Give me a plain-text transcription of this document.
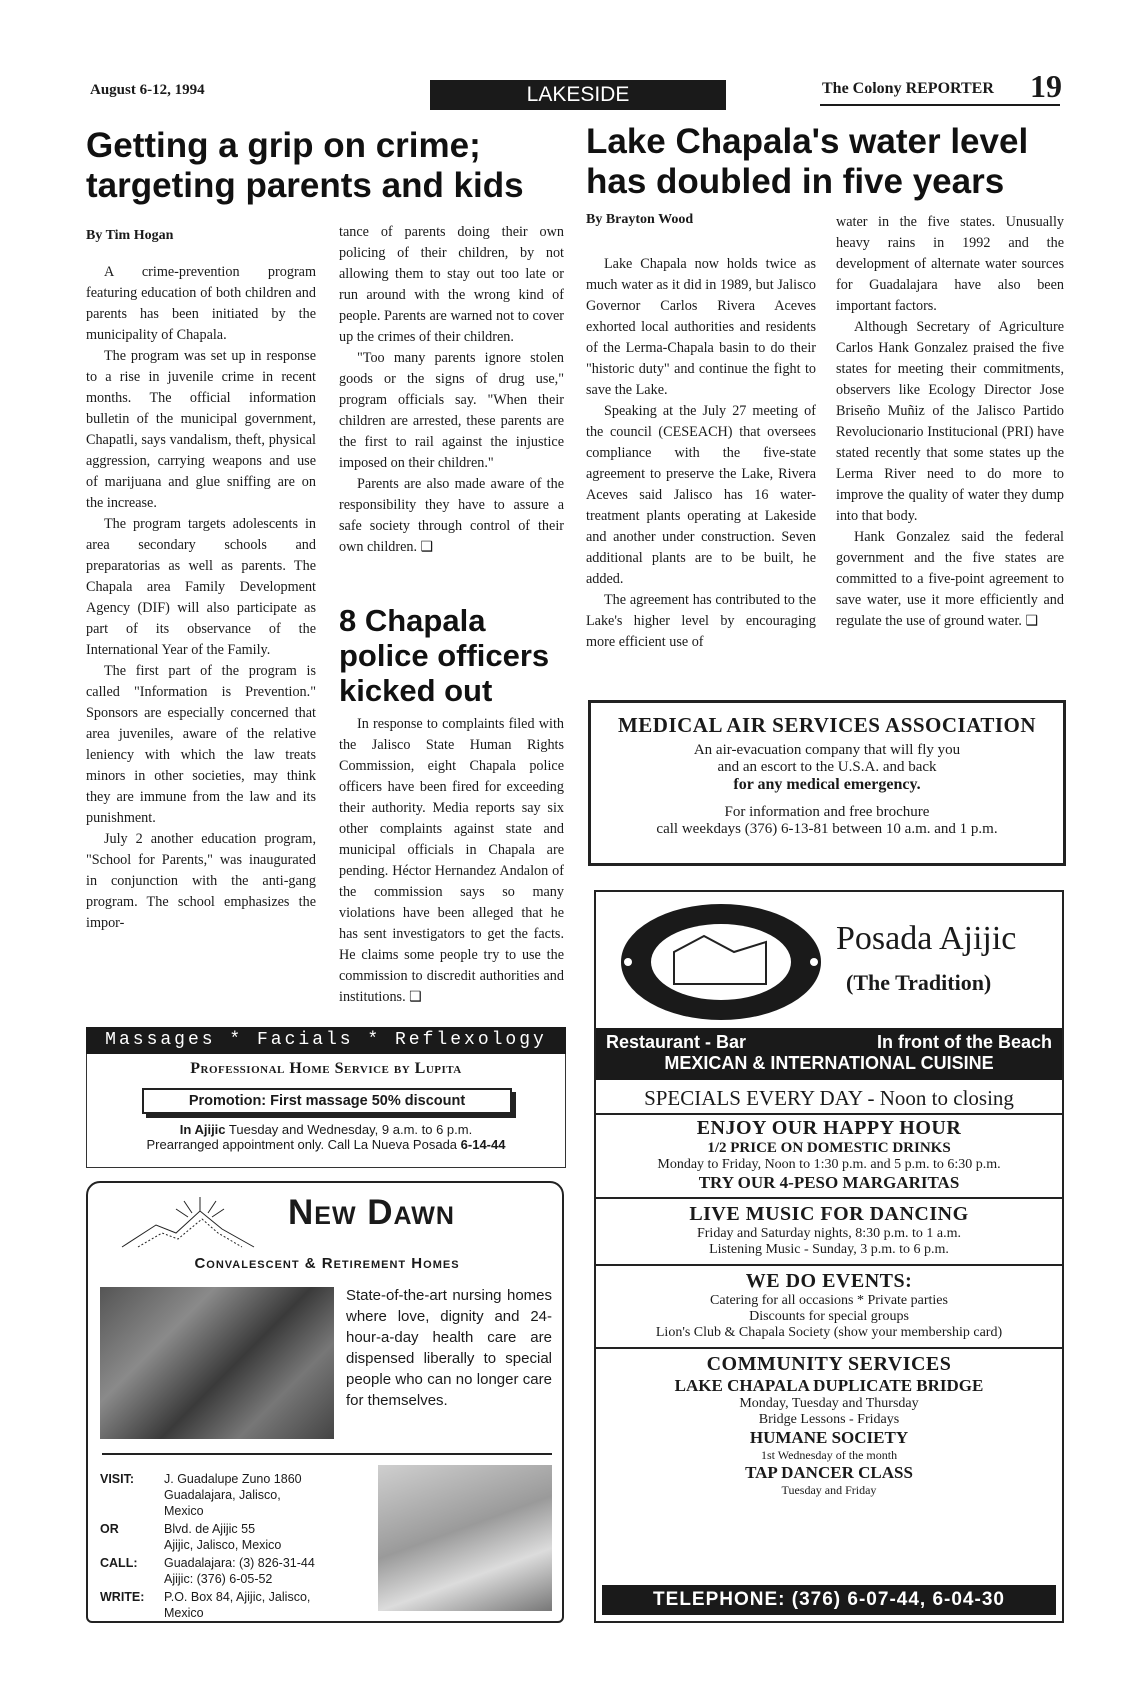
August 6-12, 1994	LAKESIDE	The Colony REPORTER 19
Getting a grip on crime; targeting parents and kids
By Tim Hogan

A crime-prevention program featuring education of both children and parents has been initiated by the municipality of Chapala.

The program was set up in response to a rise in juvenile crime in recent months. The official information bulletin of the municipal government, Chapatli, says vandalism, theft, physical aggression, carrying weapons and use of marijuana and glue sniffing are on the increase.

The program targets adolescents in area secondary schools and preparatorias as well as parents. The Chapala area Family Development Agency (DIF) will also participate as part of its observance of the International Year of the Family.

The first part of the program is called "Information is Prevention." Sponsors are especially concerned that area juveniles, aware of the relative leniency with which the law treats minors in other societies, may think they are immune from the law and its punishment.

July 2 another education program, "School for Parents," was inaugurated in conjunction with the anti-gang program. The school emphasizes the impor-

tance of parents doing their own policing of their children, by not allowing them to stay out too late or run around with the wrong kind of people. Parents are warned not to cover up the crimes of their children.

"Too many parents ignore stolen goods or the signs of drug use," program officials say. "When their children are arrested, these parents are the first to rail against the injustice imposed on their children."

Parents are also made aware of the responsibility they have to assure a safe society through control of their own children. ❑

8 Chapala police officers kicked out

In response to complaints filed with the Jalisco State Human Rights Commission, eight Chapala police officers have been fired for exceeding their authority. Media reports say six other complaints against state and municipal officials in Chapala are pending. Héctor Hernandez Andalon of the commission says so many violations have been alleged that he has sent investigators to get the facts. He claims some people try to use the commission to discredit authorities and institutions. ❑

Lake Chapala's water level has doubled in five years
By Brayton Wood

Lake Chapala now holds twice as much water as it did in 1989, but Jalisco Governor Carlos Rivera Aceves exhorted local authorities and residents of the Lerma-Chapala basin to do their "historic duty" and continue the fight to save the Lake.

Speaking at the July 27 meeting of the council (CESEACH) that oversees compliance with the five-state agreement to preserve the Lake, Rivera Aceves said Jalisco has 16 water-treatment plants operating at Lakeside and another under construction. Seven additional plants are to be built, he added.

The agreement has contributed to the Lake's higher level by encouraging more efficient use of

water in the five states. Unusually heavy rains in 1992 and the development of alternate water sources for Guadalajara have also been important factors.

Although Secretary of Agriculture Carlos Hank Gonzalez praised the five states for meeting their commitments, observers like Ecology Director Jose Briseño Muñiz of the Jalisco Partido Revolucionario Institucional (PRI) have stated recently that some states up the Lerma River need to do more to improve the quality of water they dump into that body.

Hank Gonzalez said the federal government and the five states are committed to a five-point agreement to save water, use it more efficiently and regulate the use of ground water. ❑

MEDICAL AIR SERVICES ASSOCIATION
An air-evacuation company that will fly you
and an escort to the U.S.A. and back
for any medical emergency.
For information and free brochure
call weekdays (376) 6-13-81 between 10 a.m. and 1 p.m.
Massages * Facials * Reflexology
Professional Home Service by Lupita
In Ajijic Tuesday and Wednesday, 9 a.m. to 6 p.m.
Prearranged appointment only. Call La Nueva Posada 6-14-44
Promotion: First massage 50% discount
New Dawn
Convalescent & Retirement Homes
State-of-the-art nursing homes where love, dignity and 24-hour-a-day health care are dispensed liberally to special people who can no longer care for themselves.
VISIT:	J. Guadalupe Zuno 1860

Guadalajara, Jalisco,

Mexico

OR	Blvd. de Ajijic 55

Ajijic, Jalisco, Mexico

CALL:	Guadalajara: (3) 826-31-44

Ajijic: (376) 6-05-52

WRITE:	P.O. Box 84, Ajijic, Jalisco,

Mexico

Posada Ajijic
(The Tradition)
Restaurant - Bar	In front of the Beach
MEXICAN & INTERNATIONAL CUISINE
SPECIALS EVERY DAY - Noon to closing
ENJOY OUR HAPPY HOUR
1/2 PRICE ON DOMESTIC DRINKS
Monday to Friday, Noon to 1:30 p.m. and 5 p.m. to 6:30 p.m.
TRY OUR 4-PESO MARGARITAS
LIVE MUSIC FOR DANCING
Friday and Saturday nights, 8:30 p.m. to 1 a.m.
Listening Music - Sunday, 3 p.m. to 6 p.m.
WE DO EVENTS:
Catering for all occasions * Private parties
Discounts for special groups
Lion's Club & Chapala Society (show your membership card)
COMMUNITY SERVICES
LAKE CHAPALA DUPLICATE BRIDGE
Monday, Tuesday and Thursday
Bridge Lessons - Fridays
HUMANE SOCIETY
1st Wednesday of the month
TAP DANCER CLASS
Tuesday and Friday
TELEPHONE: (376) 6-07-44, 6-04-30
